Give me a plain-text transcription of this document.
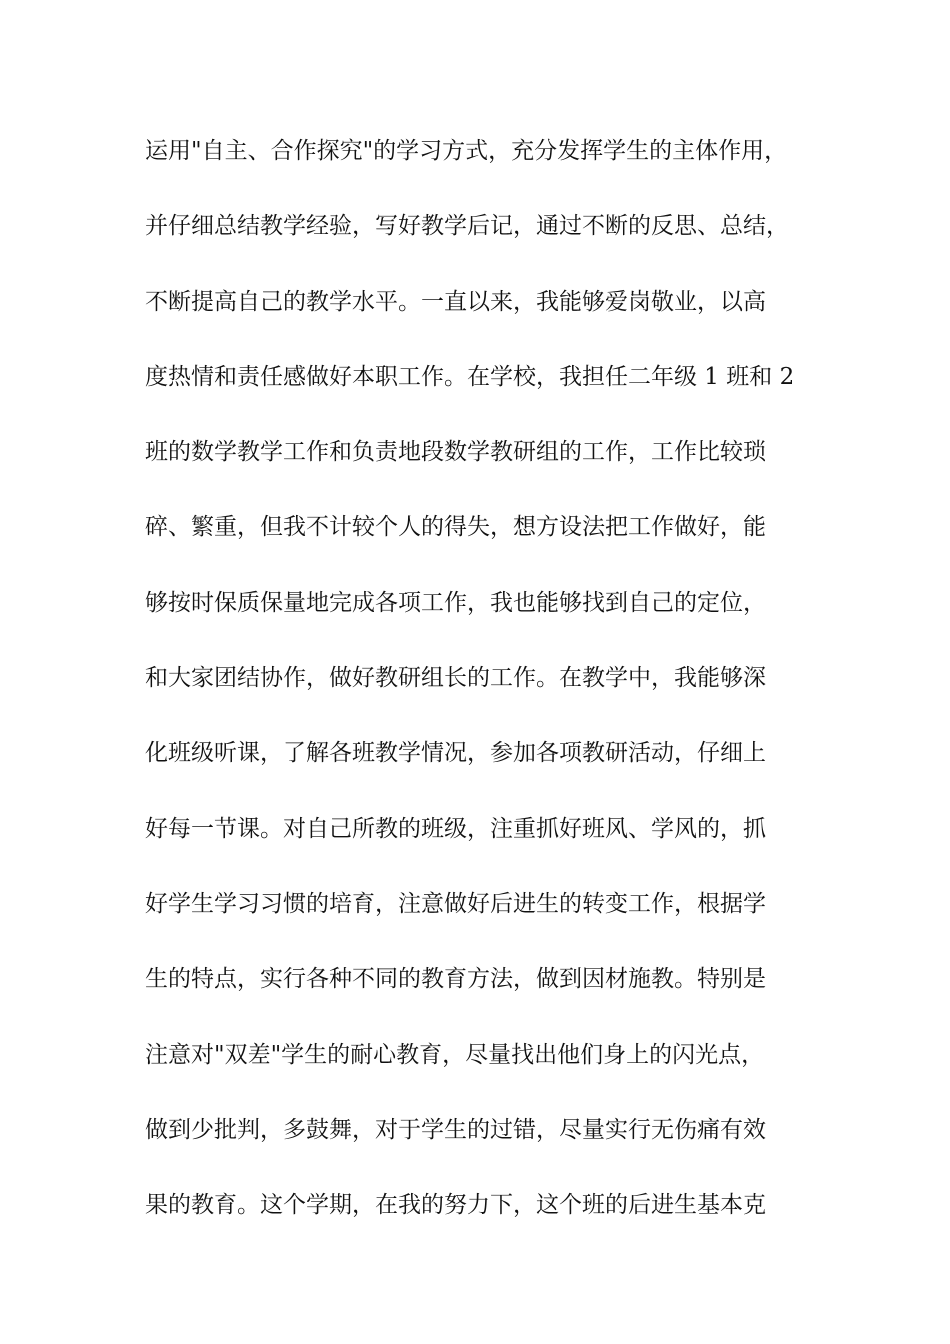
运用"自主、合作探究"的学习方式，充分发挥学生的主体作用，
并仔细总结教学经验，写好教学后记，通过不断的反思、总结，
不断提高自己的教学水平。一直以来，我能够爱岗敬业，以高
度热情和责任感做好本职工作。在学校，我担任二年级 1 班和 2
班的数学教学工作和负责地段数学教研组的工作，工作比较琐
碎、繁重，但我不计较个人的得失，想方设法把工作做好，能
够按时保质保量地完成各项工作，我也能够找到自己的定位，
和大家团结协作，做好教研组长的工作。在教学中，我能够深
化班级听课，了解各班教学情况，参加各项教研活动，仔细上
好每一节课。对自己所教的班级，注重抓好班风、学风的，抓
好学生学习习惯的培育，注意做好后进生的转变工作，根据学
生的特点，实行各种不同的教育方法，做到因材施教。特别是
注意对"双差"学生的耐心教育，尽量找出他们身上的闪光点，
做到少批判，多鼓舞，对于学生的过错，尽量实行无伤痛有效
果的教育。这个学期，在我的努力下，这个班的后进生基本克
